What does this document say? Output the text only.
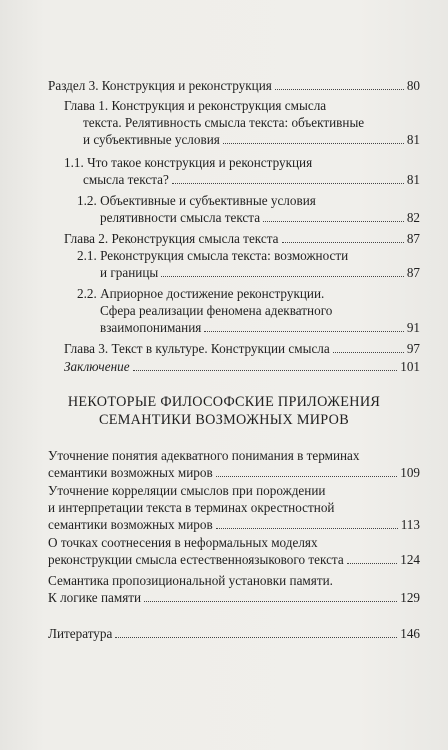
Раздел 3. Конструкция и реконструкция	80
Глава 1. Конструкция и реконструкция смысла
текста. Релятивность смысла текста: объективные
и субъективные условия	81
1.1. Что такое конструкция и реконструкция
смысла текста?	81
1.2. Объективные и субъективные условия
релятивности смысла текста	82
Глава 2. Реконструкция смысла текста	87
2.1. Реконструкция смысла текста: возможности
и границы	87
2.2. Априорное достижение реконструкции.
Сфера реализации феномена адекватного
взаимопонимания	91
Глава 3. Текст в культуре. Конструкции смысла	97
Заключение	101
НЕКОТОРЫЕ ФИЛОСОФСКИЕ ПРИЛОЖЕНИЯ
СЕМАНТИКИ ВОЗМОЖНЫХ МИРОВ
Уточнение понятия адекватного понимания в терминах
семантики возможных миров	109
Уточнение корреляции смыслов при порождении
и интерпретации текста в терминах окрестностной
семантики возможных миров	113
О точках соотнесения в неформальных моделях
реконструкции смысла естественноязыкового текста	124
Семантика пропозициональной установки памяти.
К логике памяти	129
Литература	146
